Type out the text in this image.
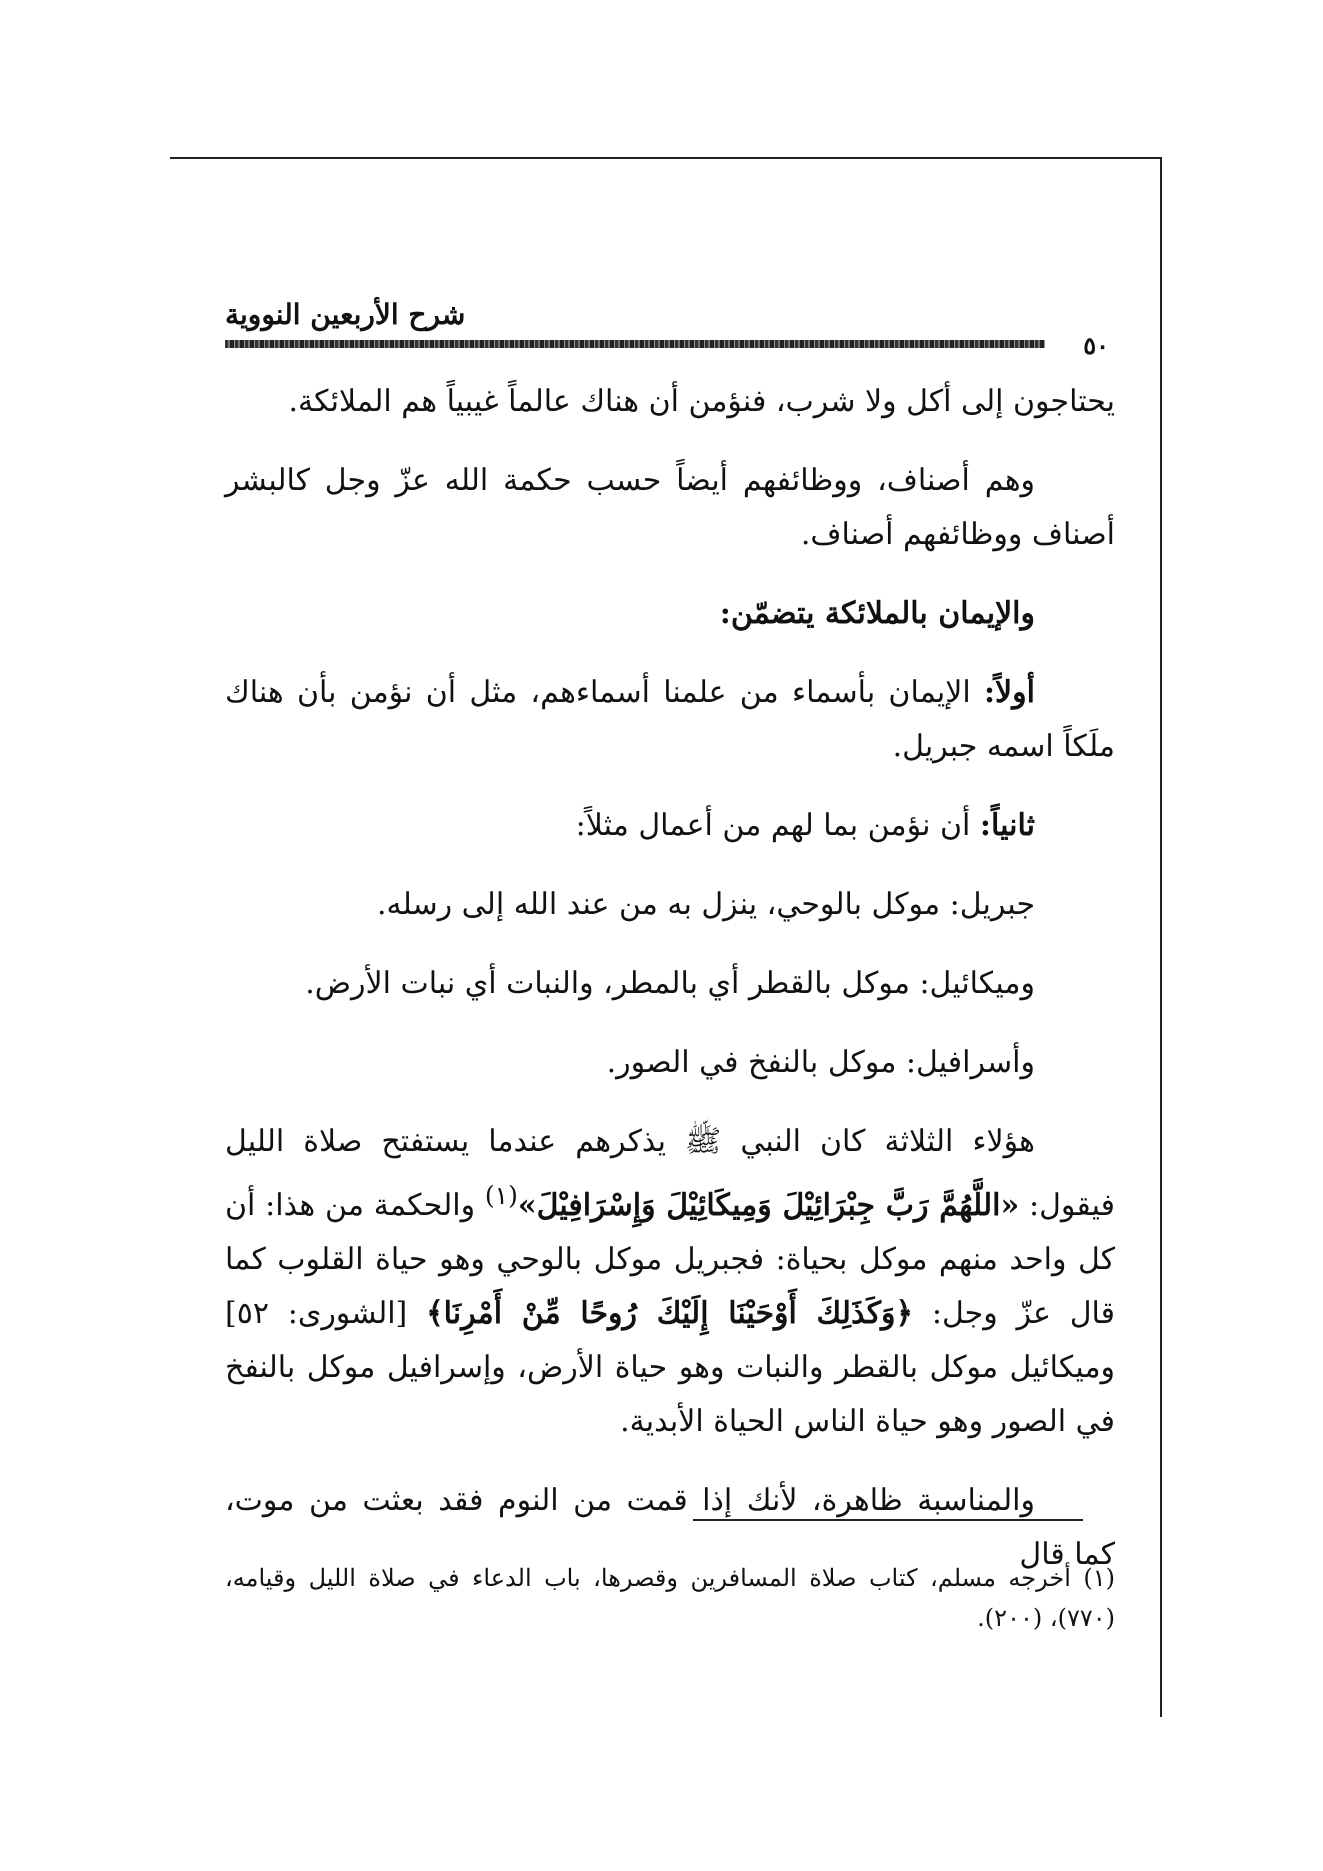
شرح الأربعين النووية
٥٠

يحتاجون إلى أكل ولا شرب، فنؤمن أن هناك عالماً غيبياً هم الملائكة.

وهم أصناف، ووظائفهم أيضاً حسب حكمة الله عزّ وجل كالبشر أصناف ووظائفهم أصناف.

والإيمان بالملائكة يتضمّن:

أولاً: الإيمان بأسماء من علمنا أسماءهم، مثل أن نؤمن بأن هناك ملَكاً اسمه جبريل.

ثانياً: أن نؤمن بما لهم من أعمال مثلاً:

جبريل: موكل بالوحي، ينزل به من عند الله إلى رسله.

وميكائيل: موكل بالقطر أي بالمطر، والنبات أي نبات الأرض.

وأسرافيل: موكل بالنفخ في الصور.

هؤلاء الثلاثة كان النبي ﷺ يذكرهم عندما يستفتح صلاة الليل فيقول: «اللَّهُمَّ رَبَّ جِبْرَائِيْلَ وَمِيكَائِيْلَ وَإِسْرَافِيْلَ»$^{(١)}$ والحكمة من هذا: أن كل واحد منهم موكل بحياة: فجبريل موكل بالوحي وهو حياة القلوب كما قال عزّ وجل: ﴿وَكَذَلِكَ أَوْحَيْنَا إِلَيْكَ رُوحًا مِّنْ أَمْرِنَا﴾ [الشورى: ٥٢] وميكائيل موكل بالقطر والنبات وهو حياة الأرض، وإسرافيل موكل بالنفخ في الصور وهو حياة الناس الحياة الأبدية.

والمناسبة ظاهرة، لأنك إذا قمت من النوم فقد بعثت من موت، كما قال

(١) أخرجه مسلم، كتاب صلاة المسافرين وقصرها، باب الدعاء في صلاة الليل وقيامه، (٧٧٠)، (٢٠٠).
